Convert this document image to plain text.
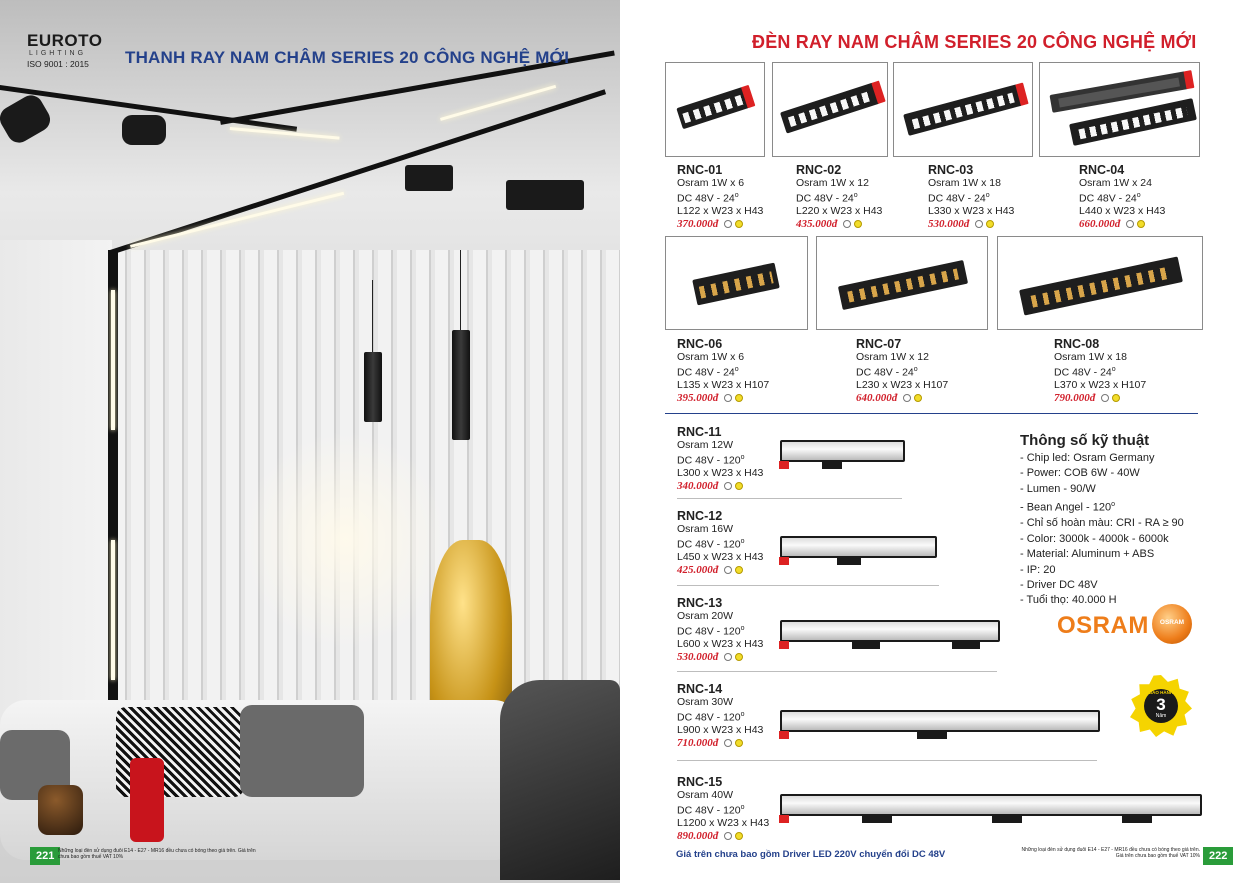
EUROTO
LIGHTING
ISO 9001 : 2015 THANH RAY NAM CHÂM SERIES 20 CÔNG NGHỆ MỚI
221 Những loại đèn sử dụng đuôi E14 - E27 - MR16 đều chưa có bóng theo giá trên. Giá trên chưa bao gồm thuế VAT 10%
ĐÈN RAY NAM CHÂM SERIES 20 CÔNG NGHỆ MỚI
RNC-01
Osram 1W x 6
DC 48V - 24$^o$
L122 x W23 x H43
370.000đ
RNC-02
Osram 1W x 12
DC 48V - 24$^o$
L220 x W23 x H43
435.000đ
RNC-03
Osram 1W x 18
DC 48V - 24$^o$
L330 x W23 x H43
530.000đ
RNC-04
Osram 1W x 24
DC 48V - 24$^o$
L440 x W23 x H43
660.000đ
RNC-06
Osram 1W x 6
DC 48V - 24$^o$
L135 x W23 x H107
395.000đ
RNC-07
Osram 1W x 12
DC 48V - 24$^o$
L230 x W23 x H107
640.000đ
RNC-08
Osram 1W x 18
DC 48V - 24$^o$
L370 x W23 x H107
790.000đ
RNC-11
Osram 12W
DC 48V - 120$^o$
L300 x W23 x H43
340.000đ
RNC-12
Osram 16W
DC 48V - 120$^o$
L450 x W23 x H43
425.000đ
RNC-13
Osram 20W
DC 48V - 120$^o$
L600 x W23 x H43
530.000đ
RNC-14
Osram 30W
DC 48V - 120$^o$
L900 x W23 x H43
710.000đ
RNC-15
Osram 40W
DC 48V - 120$^o$
L1200 x W23 x H43
890.000đ
Thông số kỹ thuật
- Chip led: Osram Germany
- Power: COB 6W - 40W
- Lumen - 90/W
- Bean Angel - 120$^o$
- Chỉ số hoàn màu: CRI - RA ≥ 90
- Color: 3000k - 4000k - 6000k
- Material: Aluminum + ABS
- IP: 20
- Driver DC 48V
- Tuổi thọ: 40.000 H
OSRAM	OSRAM
BẢO HÀNH
3
Năm
Giá trên chưa bao gồm Driver LED 220V chuyển đổi DC 48V	Những loại đèn sử dụng đuôi E14 - E27 - MR16 đều chưa có bóng theo giá trên.
Giá trên chưa bao gồm thuế VAT 10% 222
